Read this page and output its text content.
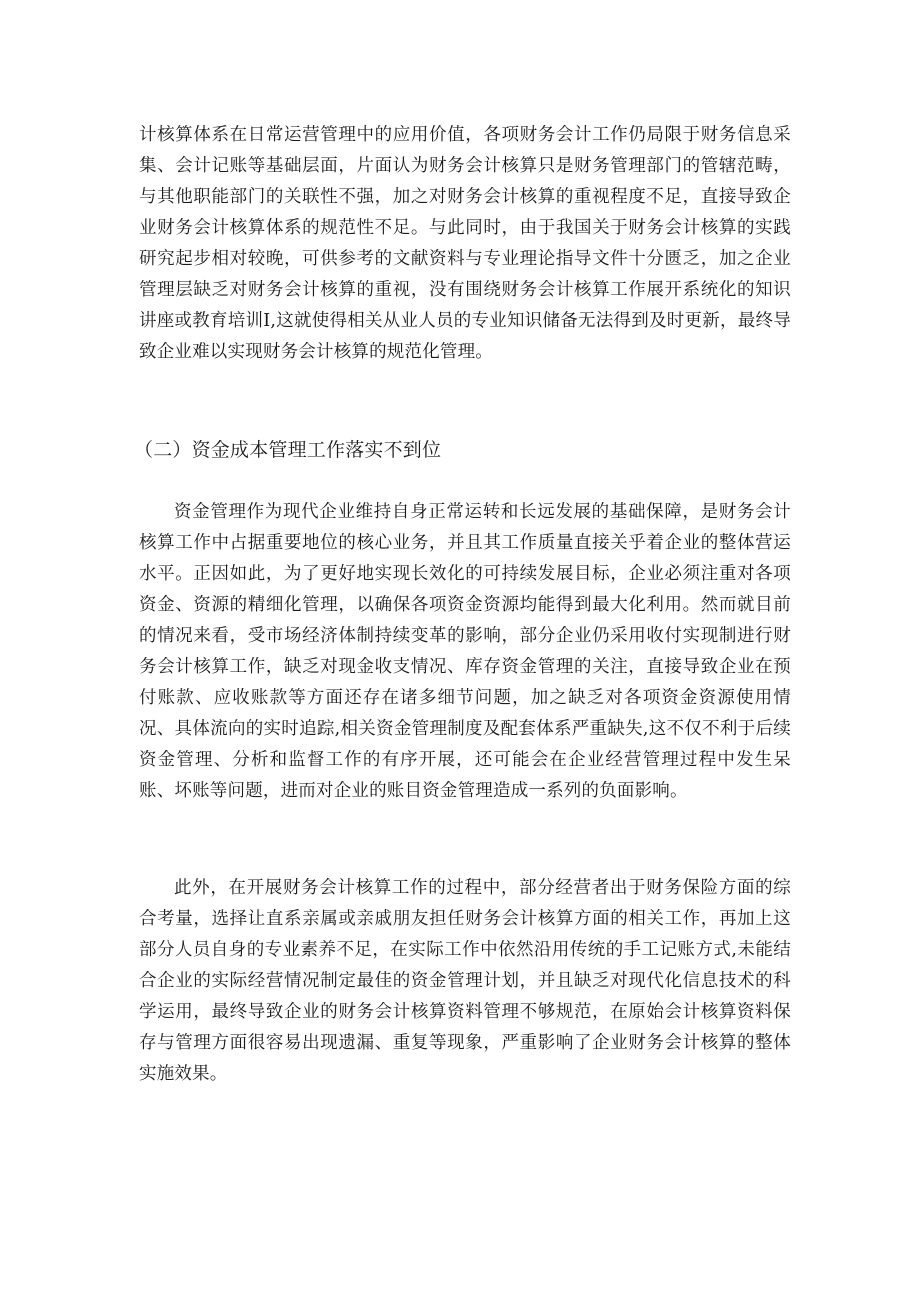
计核算体系在日常运营管理中的应用价值，各项财务会计工作仍局限于财务信息采集、会计记账等基础层面，片面认为财务会计核算只是财务管理部门的管辖范畴，与其他职能部门的关联性不强，加之对财务会计核算的重视程度不足，直接导致企业财务会计核算体系的规范性不足。与此同时，由于我国关于财务会计核算的实践研究起步相对较晚，可供参考的文献资料与专业理论指导文件十分匮乏，加之企业管理层缺乏对财务会计核算的重视，没有围绕财务会计核算工作展开系统化的知识讲座或教育培训Ⅰ,这就使得相关从业人员的专业知识储备无法得到及时更新，最终导致企业难以实现财务会计核算的规范化管理。

（二）资金成本管理工作落实不到位

资金管理作为现代企业维持自身正常运转和长远发展的基础保障，是财务会计核算工作中占据重要地位的核心业务，并且其工作质量直接关乎着企业的整体营运水平。正因如此，为了更好地实现长效化的可持续发展目标，企业必须注重对各项资金、资源的精细化管理，以确保各项资金资源均能得到最大化利用。然而就目前的情况来看，受市场经济体制持续变革的影响，部分企业仍采用收付实现制进行财务会计核算工作，缺乏对现金收支情况、库存资金管理的关注，直接导致企业在预付账款、应收账款等方面还存在诸多细节问题，加之缺乏对各项资金资源使用情况、具体流向的实时追踪,相关资金管理制度及配套体系严重缺失,这不仅不利于后续资金管理、分析和监督工作的有序开展，还可能会在企业经营管理过程中发生呆账、坏账等问题，进而对企业的账目资金管理造成一系列的负面影响。

此外，在开展财务会计核算工作的过程中，部分经营者出于财务保险方面的综合考量，选择让直系亲属或亲戚朋友担任财务会计核算方面的相关工作，再加上这部分人员自身的专业素养不足，在实际工作中依然沿用传统的手工记账方式,未能结合企业的实际经营情况制定最佳的资金管理计划，并且缺乏对现代化信息技术的科学运用，最终导致企业的财务会计核算资料管理不够规范，在原始会计核算资料保存与管理方面很容易出现遗漏、重复等现象，严重影响了企业财务会计核算的整体实施效果。
